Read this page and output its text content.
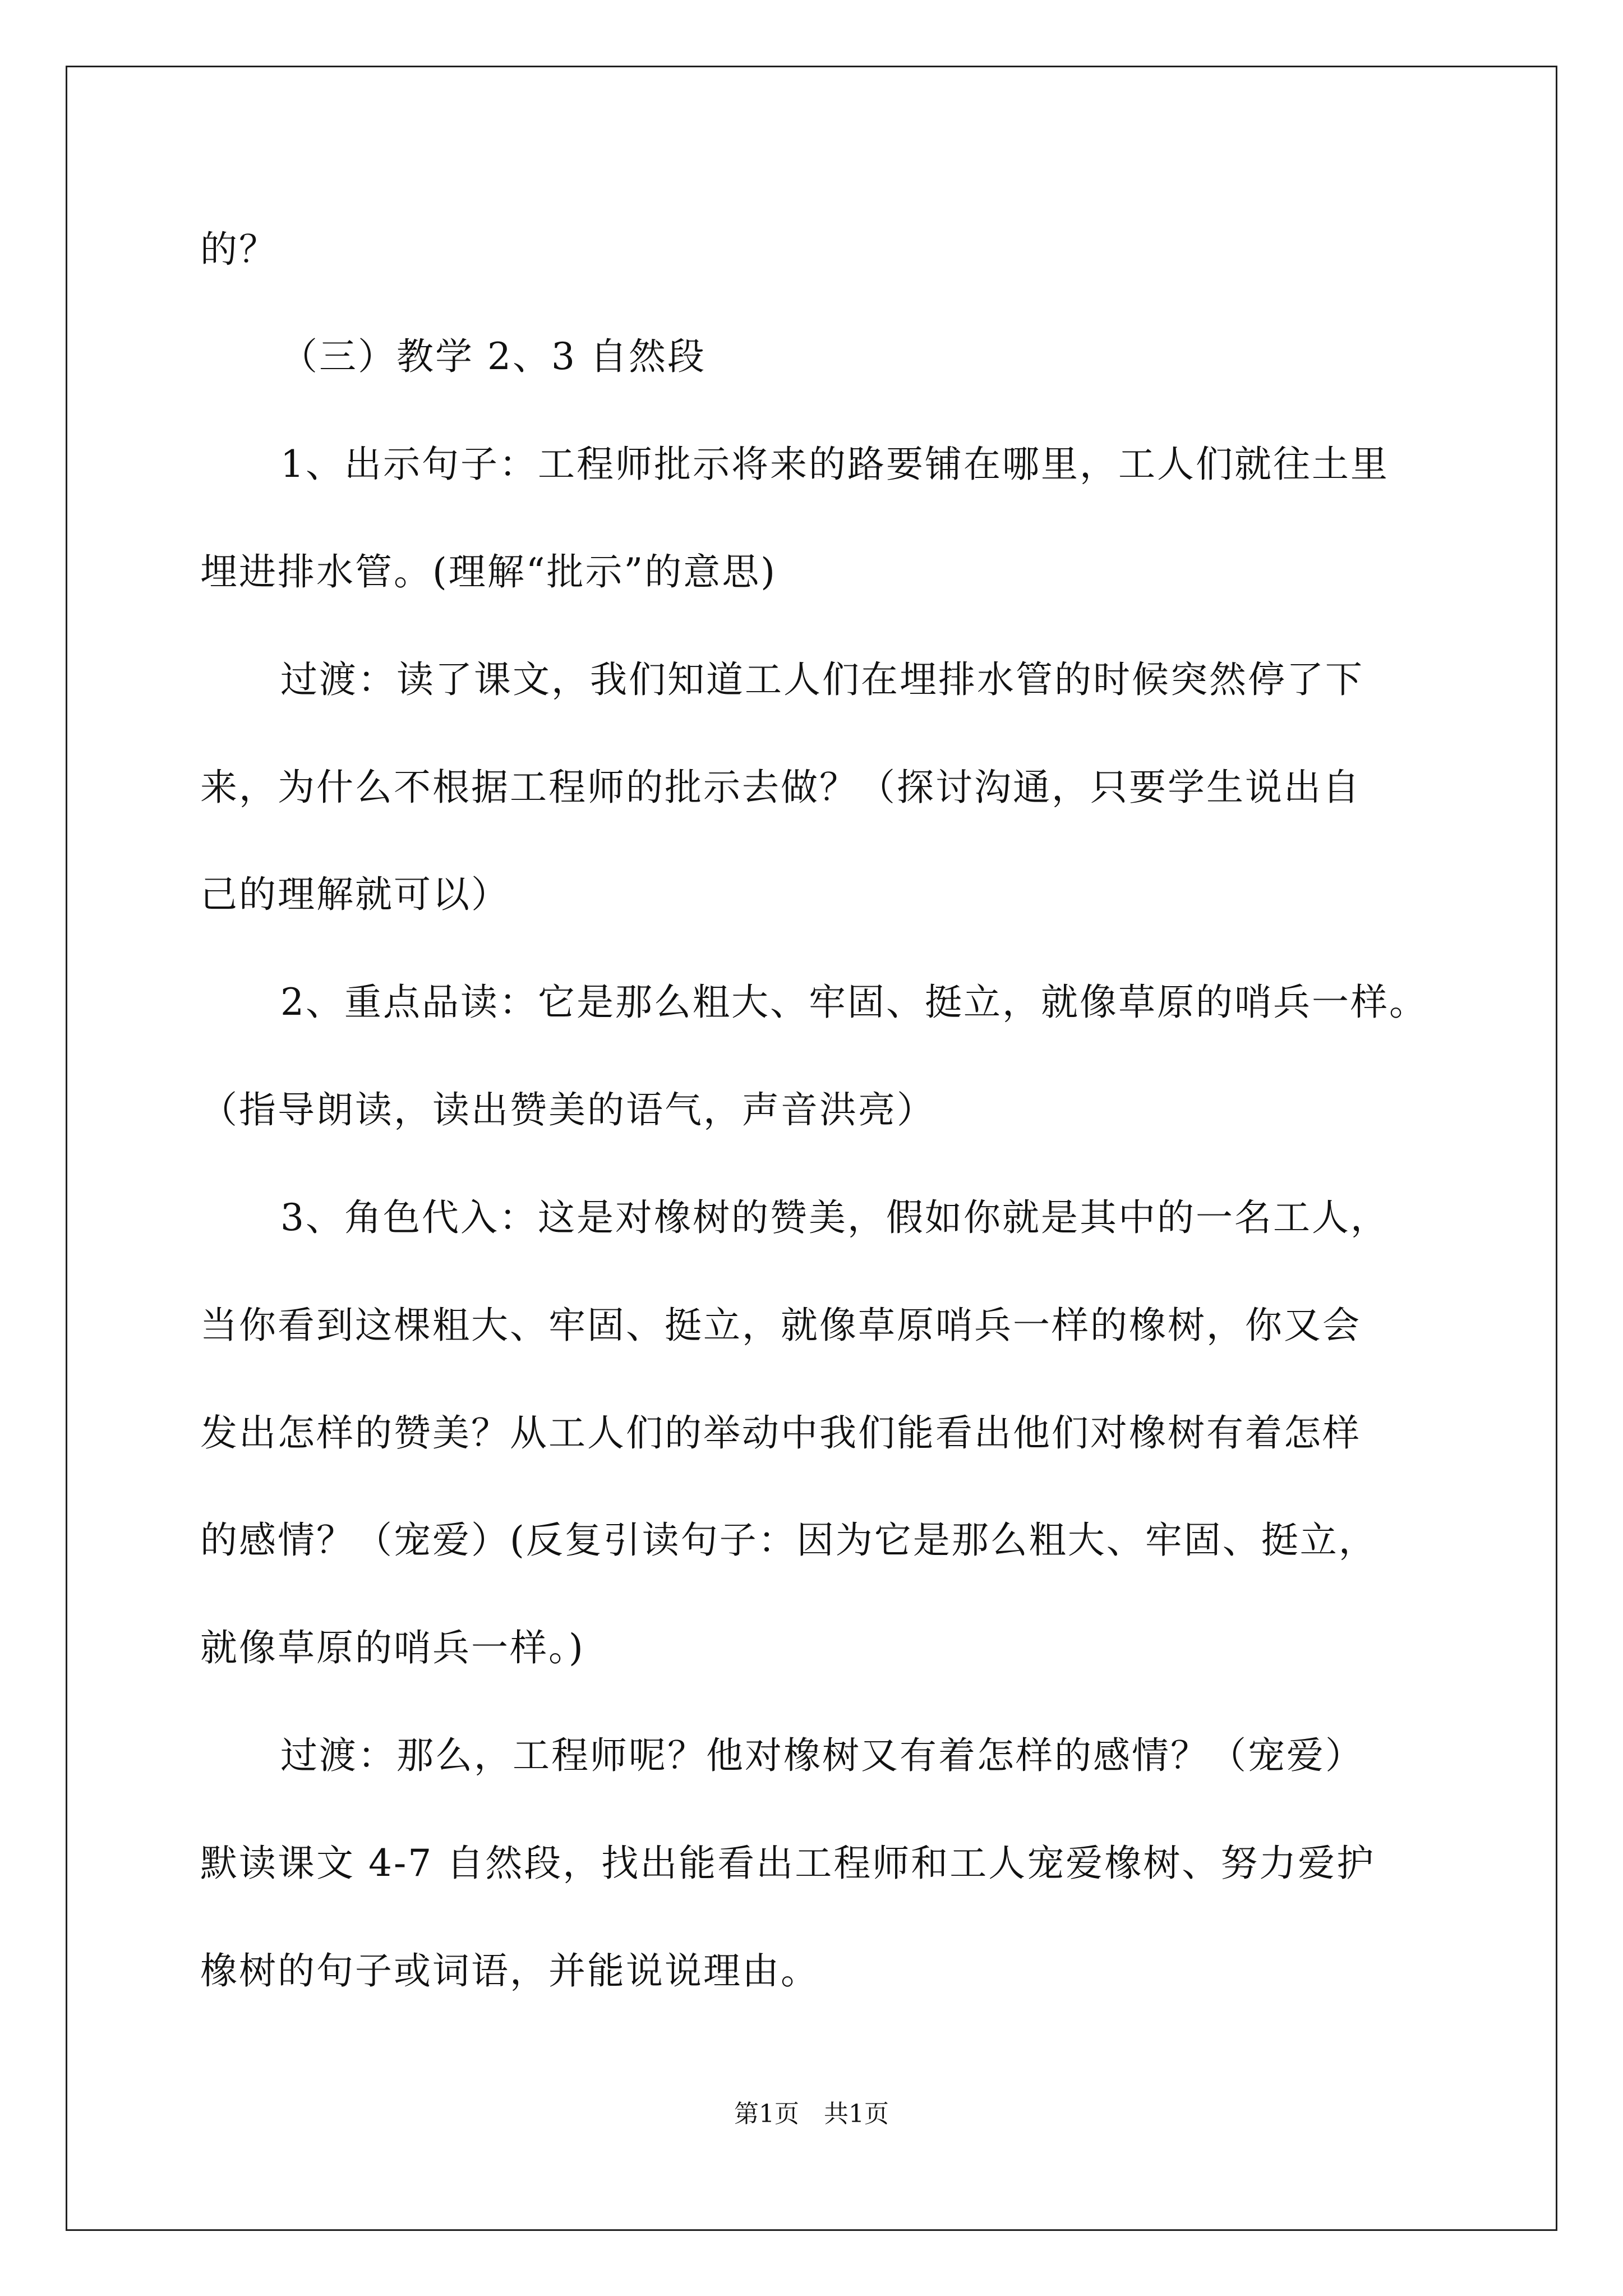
的？
（三）教学 2、3 自然段
1、出示句子：工程师批示将来的路要铺在哪里，工人们就往土里
埋进排水管。(理解“批示”的意思)
过渡：读了课文，我们知道工人们在埋排水管的时候突然停了下
来，为什么不根据工程师的批示去做？（探讨沟通，只要学生说出自
己的理解就可以）
2、重点品读：它是那么粗大、牢固、挺立，就像草原的哨兵一样。
（指导朗读，读出赞美的语气，声音洪亮）
3、角色代入：这是对橡树的赞美，假如你就是其中的一名工人，
当你看到这棵粗大、牢固、挺立，就像草原哨兵一样的橡树，你又会
发出怎样的赞美？从工人们的举动中我们能看出他们对橡树有着怎样
的感情？（宠爱）(反复引读句子：因为它是那么粗大、牢固、挺立，
就像草原的哨兵一样。)
过渡：那么，工程师呢？他对橡树又有着怎样的感情？（宠爱）
默读课文 4-7 自然段，找出能看出工程师和工人宠爱橡树、努力爱护
橡树的句子或词语，并能说说理由。
第1页　共1页
